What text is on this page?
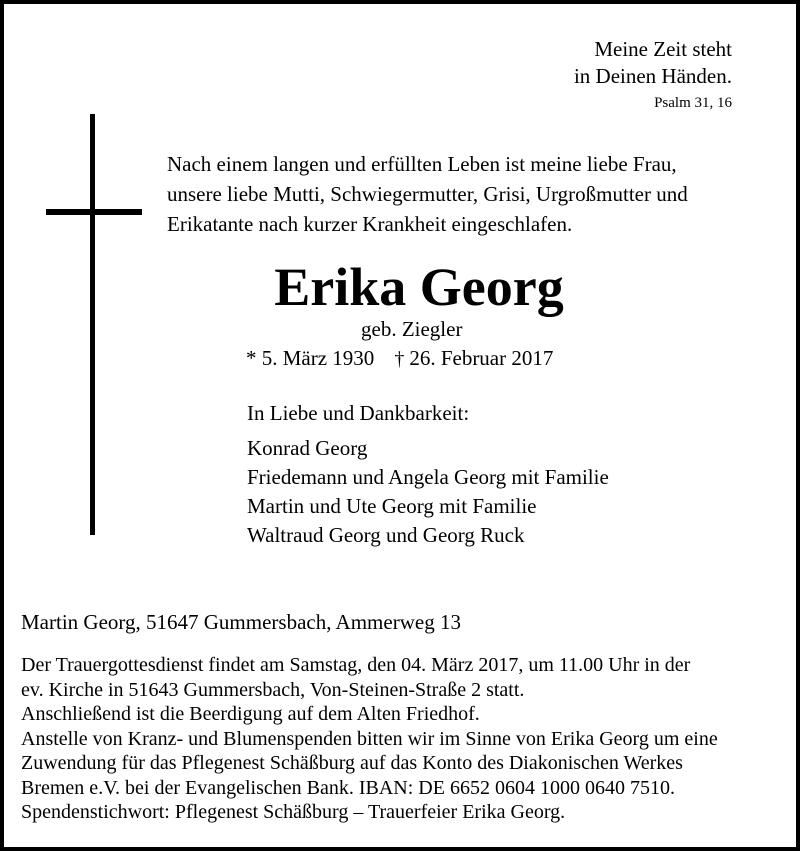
Meine Zeit steht
in Deinen Händen.
Psalm 31, 16
Nach einem langen und erfüllten Leben ist meine liebe Frau,
unsere liebe Mutti, Schwiegermutter, Grisi, Urgroßmutter und
Erikatante nach kurzer Krankheit eingeschlafen.
Erika Georg
geb. Ziegler
* 5. März 1930 † 26. Februar 2017
In Liebe und Dankbarkeit:
Konrad Georg
Friedemann und Angela Georg mit Familie
Martin und Ute Georg mit Familie
Waltraud Georg und Georg Ruck
Martin Georg, 51647 Gummersbach, Ammerweg 13
Der Trauergottesdienst findet am Samstag, den 04. März 2017, um 11.00 Uhr in der
ev. Kirche in 51643 Gummersbach, Von-Steinen-Straße 2 statt.
Anschließend ist die Beerdigung auf dem Alten Friedhof.
Anstelle von Kranz- und Blumenspenden bitten wir im Sinne von Erika Georg um eine
Zuwendung für das Pflegenest Schäßburg auf das Konto des Diakonischen Werkes
Bremen e.V. bei der Evangelischen Bank. IBAN: DE 6652 0604 1000 0640 7510.
Spendenstichwort: Pflegenest Schäßburg – Trauerfeier Erika Georg.
